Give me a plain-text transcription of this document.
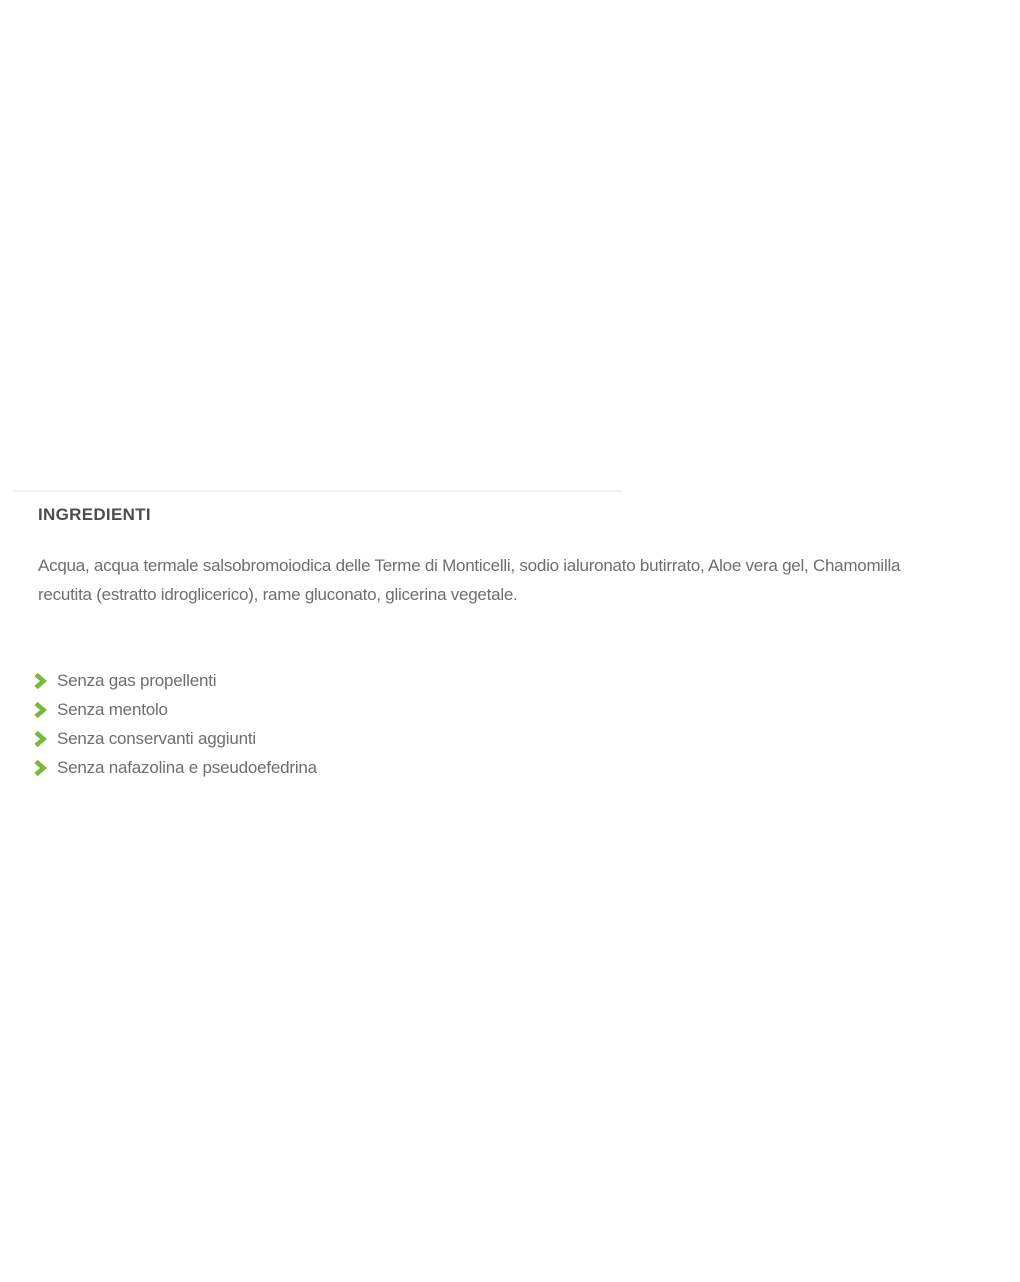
INGREDIENTI
Acqua, acqua termale salsobromoiodica delle Terme di Monticelli, sodio ialuronato butirrato, Aloe vera gel, Chamomilla
recutita (estratto idroglicerico), rame gluconato, glicerina vegetale.
Senza gas propellenti
Senza mentolo
Senza conservanti aggiunti
Senza nafazolina e pseudoefedrina
